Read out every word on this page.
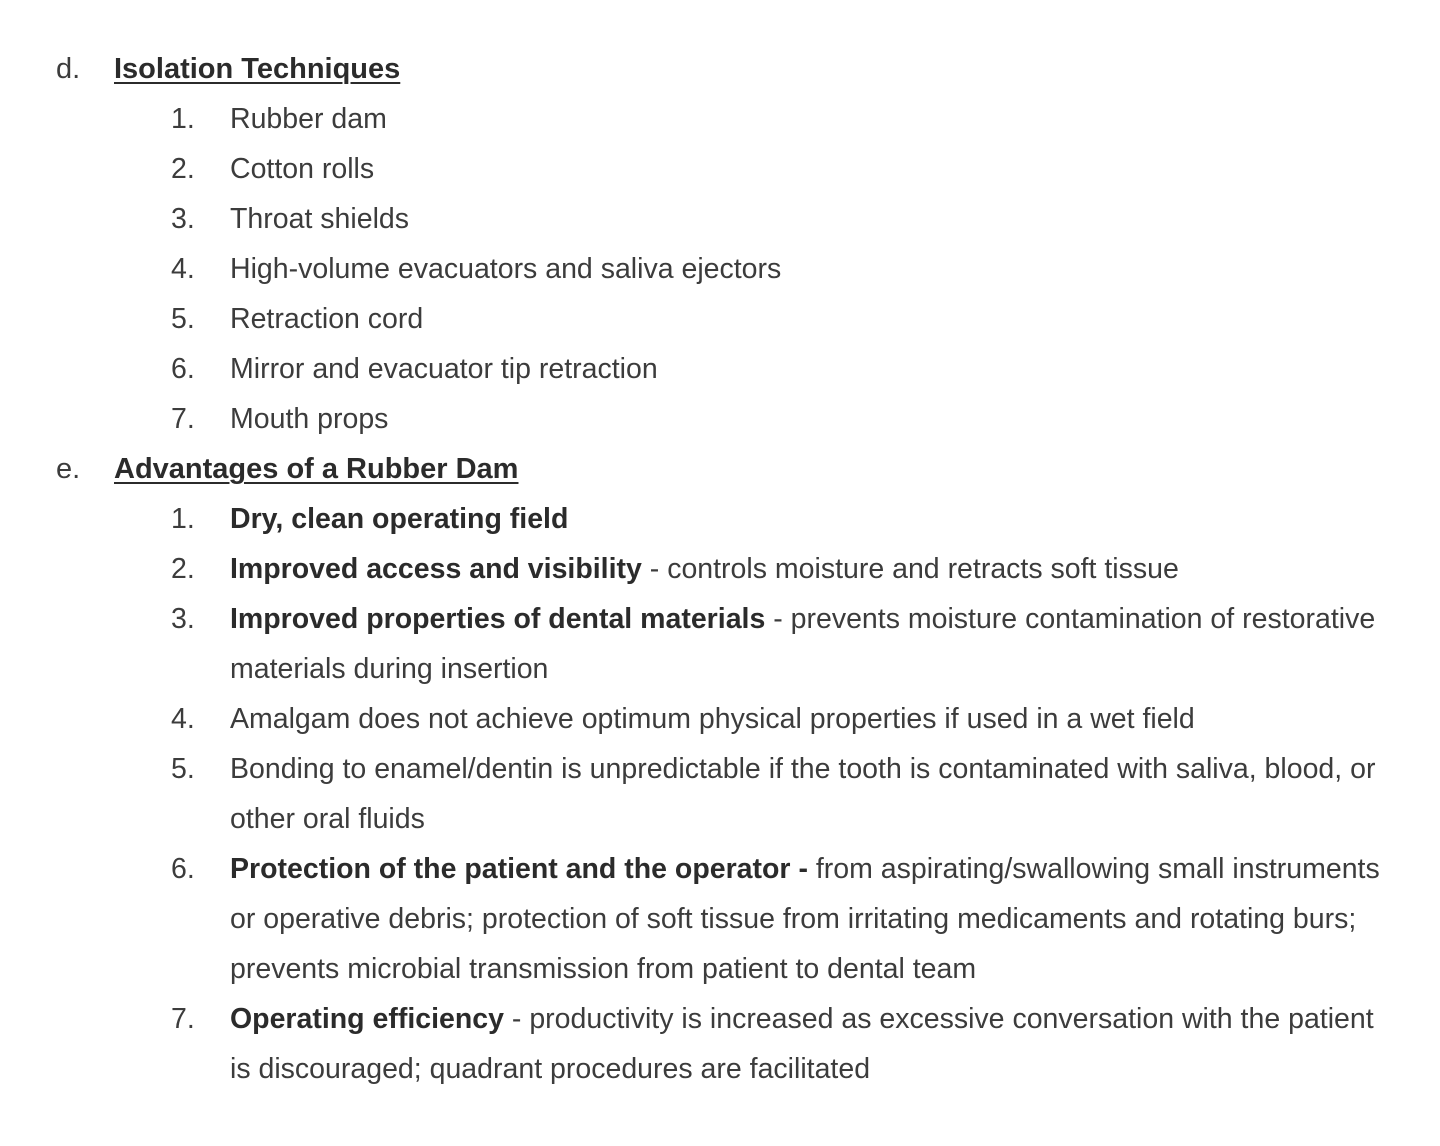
d. Isolation Techniques
1.	Rubber dam
2.	Cotton rolls
3.	Throat shields
4.	High-volume evacuators and saliva ejectors
5.	Retraction cord
6.	Mirror and evacuator tip retraction
7.	Mouth props
e. Advantages of a Rubber Dam
1.	Dry, clean operating field
2.	Improved access and visibility - controls moisture and retracts soft tissue
3.	Improved properties of dental materials - prevents moisture contamination of restorative materials during insertion
4.	Amalgam does not achieve optimum physical properties if used in a wet field
5.	Bonding to enamel/dentin is unpredictable if the tooth is contaminated with saliva, blood, or other oral fluids
6.	Protection of the patient and the operator - from aspirating/swallowing small instruments or operative debris; protection of soft tissue from irritating medicaments and rotating burs; prevents microbial transmission from patient to dental team
7.	Operating efficiency - productivity is increased as excessive conversation with the patient is discouraged; quadrant procedures are facilitated
